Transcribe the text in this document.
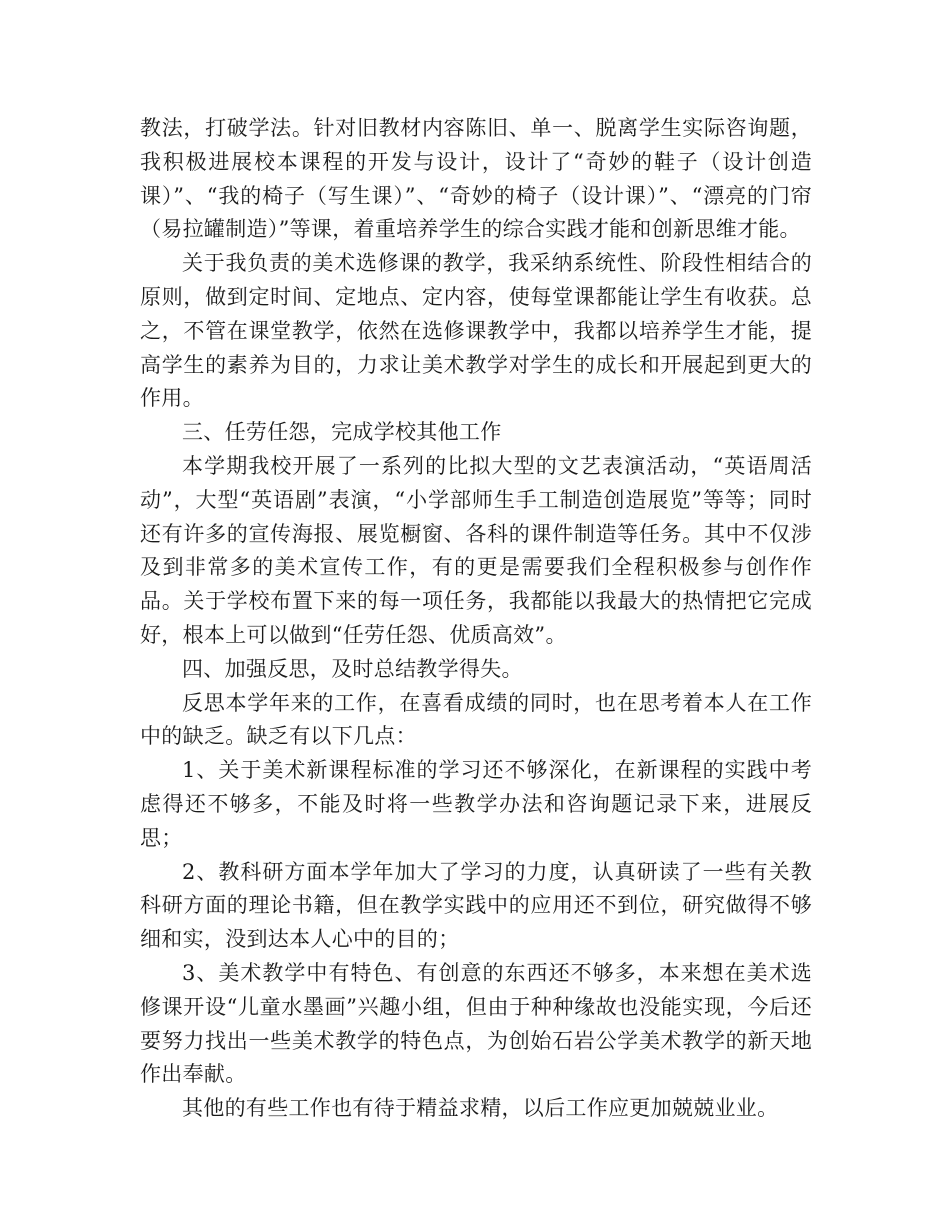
教法，打破学法。针对旧教材内容陈旧、单一、脱离学生实际咨询题，我积极进展校本课程的开发与设计，设计了“奇妙的鞋子（设计创造课）”、“我的椅子（写生课）”、“奇妙的椅子（设计课）”、“漂亮的门帘（易拉罐制造）”等课，着重培养学生的综合实践才能和创新思维才能。

关于我负责的美术选修课的教学，我采纳系统性、阶段性相结合的原则，做到定时间、定地点、定内容，使每堂课都能让学生有收获。总之，不管在课堂教学，依然在选修课教学中，我都以培养学生才能，提高学生的素养为目的，力求让美术教学对学生的成长和开展起到更大的作用。

三、任劳任怨，完成学校其他工作

本学期我校开展了一系列的比拟大型的文艺表演活动，“英语周活动”，大型“英语剧”表演，“小学部师生手工制造创造展览”等等；同时还有许多的宣传海报、展览橱窗、各科的课件制造等任务。其中不仅涉及到非常多的美术宣传工作，有的更是需要我们全程积极参与创作作品。关于学校布置下来的每一项任务，我都能以我最大的热情把它完成好，根本上可以做到“任劳任怨、优质高效”。

四、加强反思，及时总结教学得失。

反思本学年来的工作，在喜看成绩的同时，也在思考着本人在工作中的缺乏。缺乏有以下几点：

1、关于美术新课程标准的学习还不够深化，在新课程的实践中考虑得还不够多，不能及时将一些教学办法和咨询题记录下来，进展反思；

2、教科研方面本学年加大了学习的力度，认真研读了一些有关教科研方面的理论书籍，但在教学实践中的应用还不到位，研究做得不够细和实，没到达本人心中的目的；

3、美术教学中有特色、有创意的东西还不够多，本来想在美术选修课开设“儿童水墨画”兴趣小组，但由于种种缘故也没能实现，今后还要努力找出一些美术教学的特色点，为创始石岩公学美术教学的新天地作出奉献。

其他的有些工作也有待于精益求精，以后工作应更加兢兢业业。
